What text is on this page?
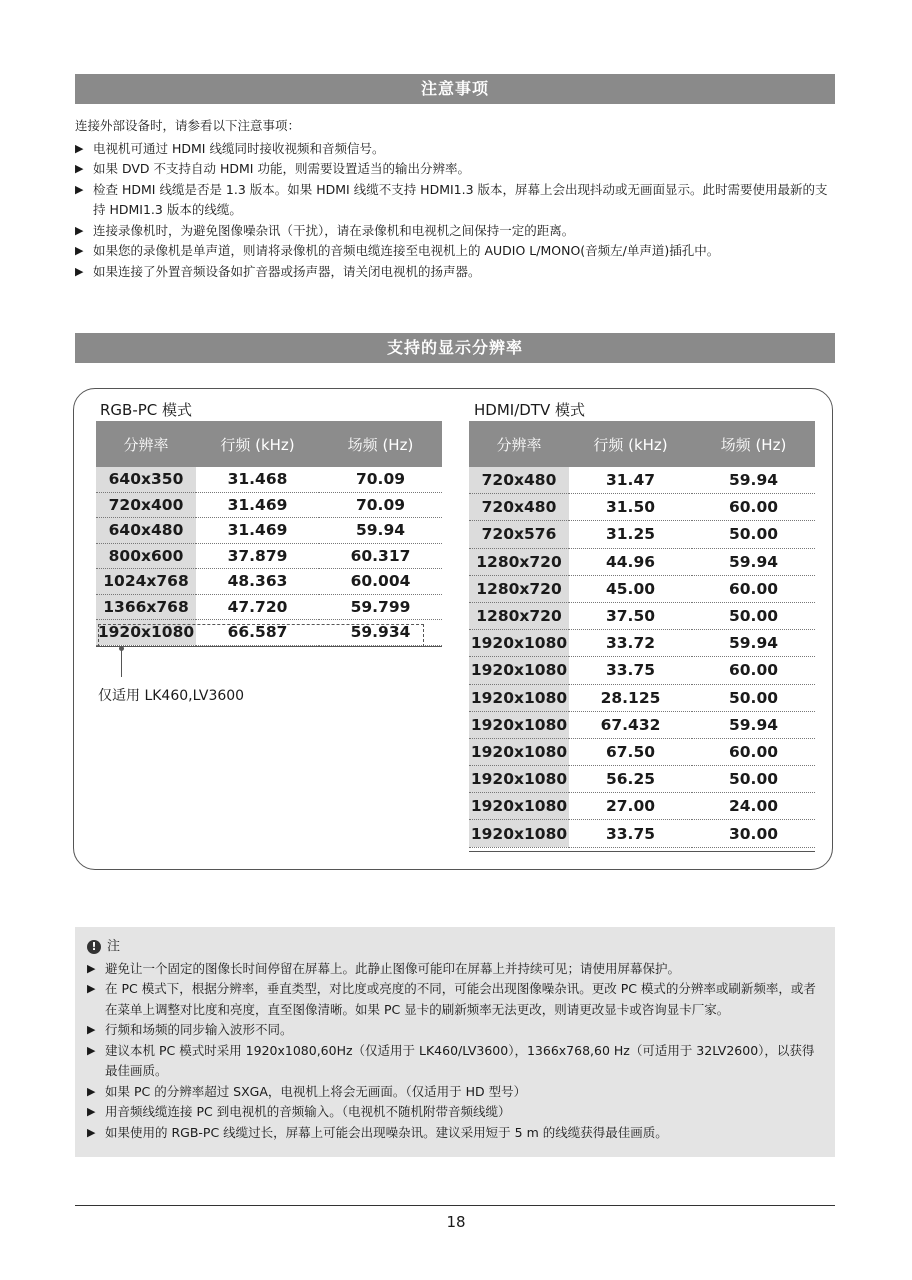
注意事项

连接外部设备时，请参看以下注意事项：

▶ 电视机可通过 HDMI 线缆同时接收视频和音频信号。
▶ 如果 DVD 不支持自动 HDMI 功能，则需要设置适当的输出分辨率。
▶ 检查 HDMI 线缆是否是 1.3 版本。如果 HDMI 线缆不支持 HDMI1.3 版本，屏幕上会出现抖动或无画面显示。此时需要使用最新的支持 HDMI1.3 版本的线缆。
▶ 连接录像机时，为避免图像噪杂讯（干扰），请在录像机和电视机之间保持一定的距离。
▶ 如果您的录像机是单声道，则请将录像机的音频电缆连接至电视机上的 AUDIO L/MONO(音频左/单声道)插孔中。
▶ 如果连接了外置音频设备如扩音器或扬声器，请关闭电视机的扬声器。
支持的显示分辨率
RGB-PC 模式
分辨率	行频 (kHz)	场频 (Hz)
640x350	31.468	70.09
720x400	31.469	70.09
640x480	31.469	59.94
800x600	37.879	60.317
1024x768	48.363	60.004
1366x768	47.720	59.799
1920x1080	66.587	59.934
仅适用 LK460,LV3600
HDMI/DTV 模式
分辨率	行频 (kHz)	场频 (Hz)
720x480	31.47	59.94
720x480	31.50	60.00
720x576	31.25	50.00
1280x720	44.96	59.94
1280x720	45.00	60.00
1280x720	37.50	50.00
1920x1080	33.72	59.94
1920x1080	33.75	60.00
1920x1080	28.125	50.00
1920x1080	67.432	59.94
1920x1080	67.50	60.00
1920x1080	56.25	50.00
1920x1080	27.00	24.00
1920x1080	33.75	30.00
! 注
▶ 避免让一个固定的图像长时间停留在屏幕上。此静止图像可能印在屏幕上并持续可见；请使用屏幕保护。
▶ 在 PC 模式下，根据分辨率，垂直类型，对比度或亮度的不同，可能会出现图像噪杂讯。更改 PC 模式的分辨率或刷新频率，或者在菜单上调整对比度和亮度，直至图像清晰。如果 PC 显卡的刷新频率无法更改，则请更改显卡或咨询显卡厂家。
▶ 行频和场频的同步输入波形不同。
▶ 建议本机 PC 模式时采用 1920x1080,60Hz（仅适用于 LK460/LV3600），1366x768,60 Hz（可适用于 32LV2600），以获得最佳画质。
▶ 如果 PC 的分辨率超过 SXGA，电视机上将会无画面。（仅适用于 HD 型号）
▶ 用音频线缆连接 PC 到电视机的音频输入。（电视机不随机附带音频线缆）
▶ 如果使用的 RGB-PC 线缆过长，屏幕上可能会出现噪杂讯。建议采用短于 5 m 的线缆获得最佳画质。
18
